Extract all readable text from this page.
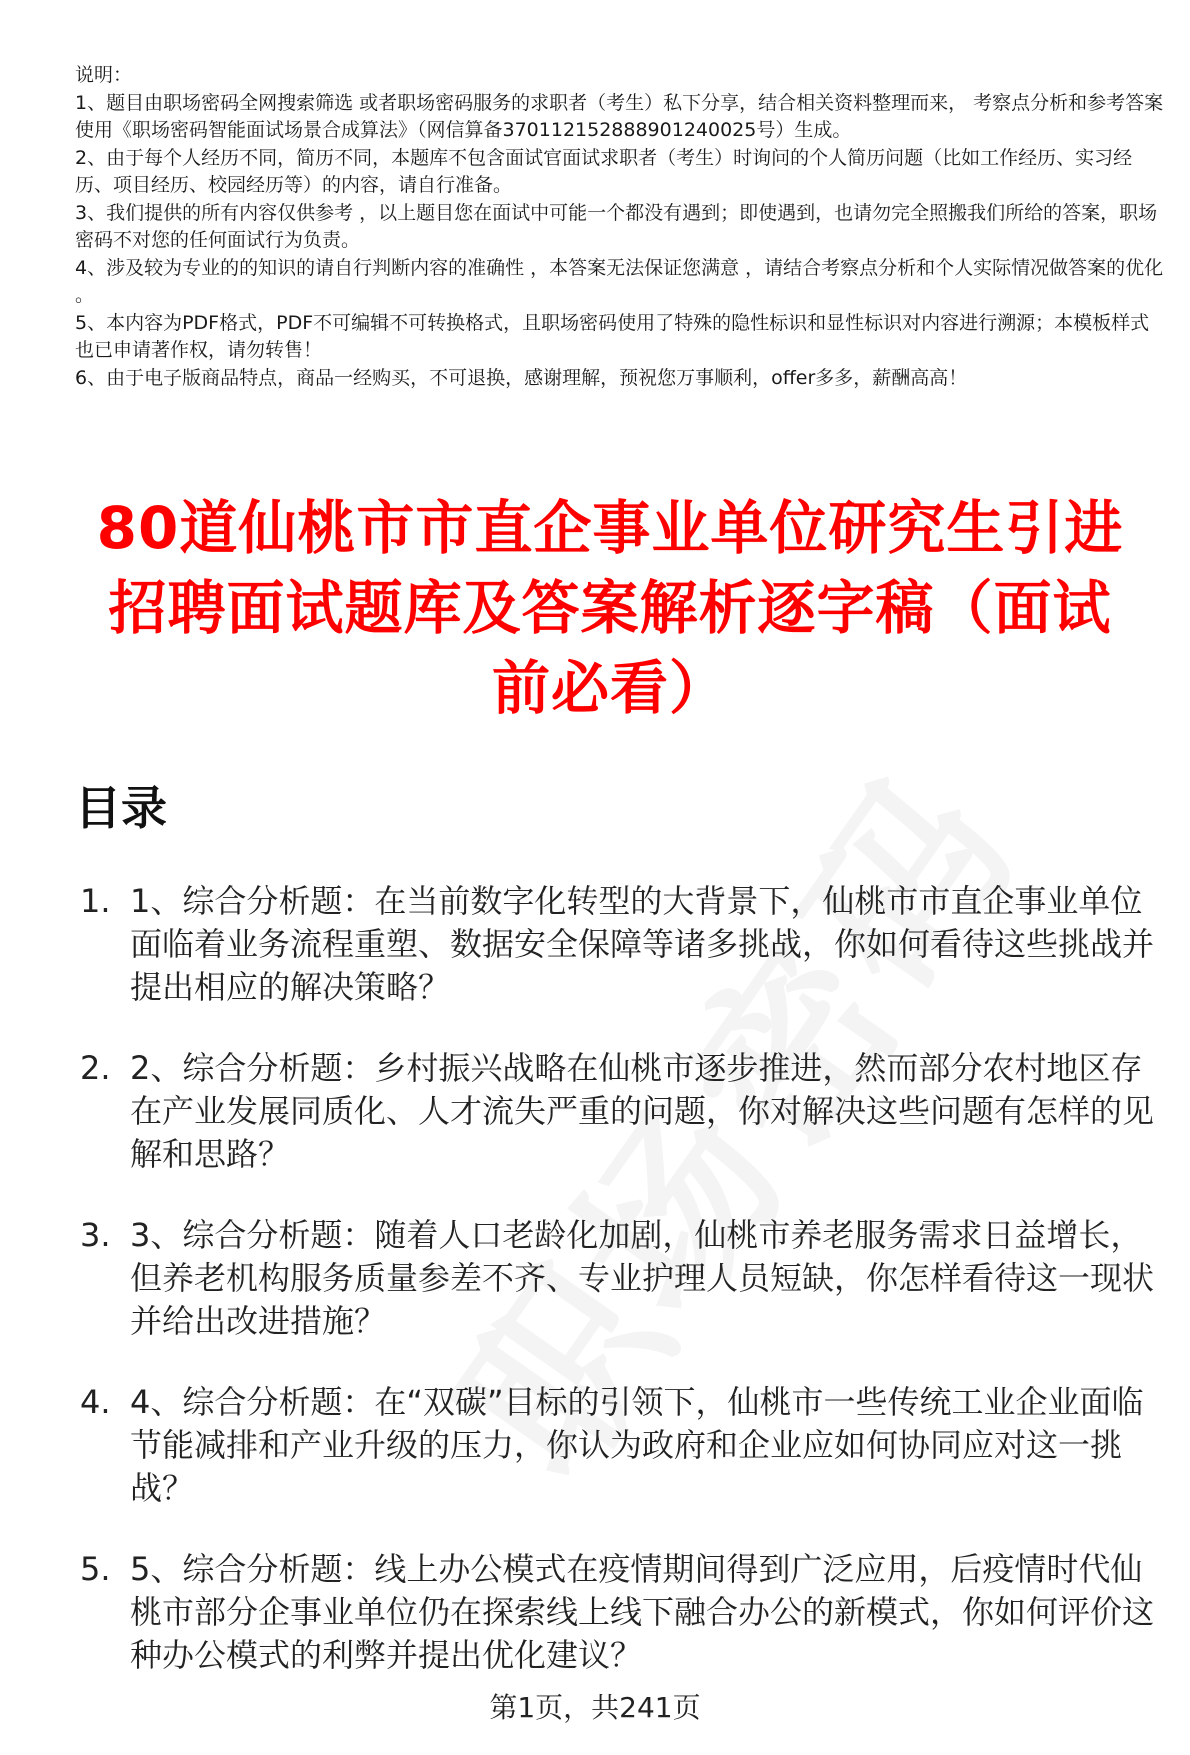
说明：

1、题目由职场密码全网搜索筛选 或者职场密码服务的求职者（考生）私下分享，结合相关资料整理而来， 考察点分析和参考答案使用《职场密码智能面试场景合成算法》（网信算备370112152888901240025号）生成。

2、由于每个人经历不同，简历不同，本题库不包含面试官面试求职者（考生）时询问的个人简历问题（比如工作经历、实习经历、项目经历、校园经历等）的内容，请自行准备。

3、我们提供的所有内容仅供参考 ，以上题目您在面试中可能一个都没有遇到；即使遇到，也请勿完全照搬我们所给的答案，职场密码不对您的任何面试行为负责。

4、涉及较为专业的的知识的请自行判断内容的准确性 ，本答案无法保证您满意 ，请结合考察点分析和个人实际情况做答案的优化 。

5、本内容为PDF格式，PDF不可编辑不可转换格式，且职场密码使用了特殊的隐性标识和显性标识对内容进行溯源；本模板样式也已申请著作权，请勿转售！

6、由于电子版商品特点，商品一经购买，不可退换，感谢理解，预祝您万事顺利，offer多多，薪酬高高！

80道仙桃市市直企事业单位研究生引进招聘面试题库及答案解析逐字稿（面试前必看）
目录
1. 1、综合分析题：在当前数字化转型的大背景下，仙桃市市直企事业单位面临着业务流程重塑、数据安全保障等诸多挑战，你如何看待这些挑战并提出相应的解决策略？
2. 2、综合分析题：乡村振兴战略在仙桃市逐步推进，然而部分农村地区存在产业发展同质化、人才流失严重的问题，你对解决这些问题有怎样的见解和思路？
3. 3、综合分析题：随着人口老龄化加剧，仙桃市养老服务需求日益增长，但养老机构服务质量参差不齐、专业护理人员短缺，你怎样看待这一现状并给出改进措施？
4. 4、综合分析题：在“双碳”目标的引领下，仙桃市一些传统工业企业面临节能减排和产业升级的压力，你认为政府和企业应如何协同应对这一挑战？
5. 5、综合分析题：线上办公模式在疫情期间得到广泛应用，后疫情时代仙桃市部分企事业单位仍在探索线上线下融合办公的新模式，你如何评价这种办公模式的利弊并提出优化建议？
第1页，共241页
